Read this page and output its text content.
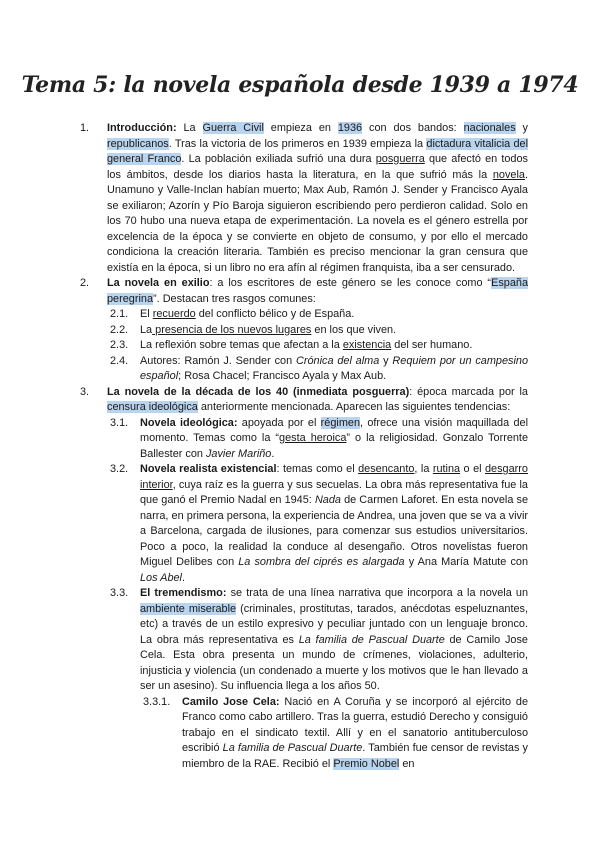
Tema 5: la novela española desde 1939 a 1974
1. Introducción: La Guerra Civil empieza en 1936 con dos bandos: nacionales y republicanos. Tras la victoria de los primeros en 1939 empieza la dictadura vitalicia del general Franco. La población exiliada sufrió una dura posguerra que afectó en todos los ámbitos, desde los diarios hasta la literatura, en la que sufrió más la novela. Unamuno y Valle-Inclan habían muerto; Max Aub, Ramón J. Sender y Francisco Ayala se exiliaron; Azorín y Pío Baroja siguieron escribiendo pero perdieron calidad. Solo en los 70 hubo una nueva etapa de experimentación. La novela es el género estrella por excelencia de la época y se convierte en objeto de consumo, y por ello el mercado condiciona la creación literaria. También es preciso mencionar la gran censura que existía en la época, si un libro no era afín al régimen franquista, iba a ser censurado.
2. La novela en exilio: a los escritores de este género se les conoce como “España peregrina”. Destacan tres rasgos comunes:
2.1. El recuerdo del conflicto bélico y de España.
2.2. La presencia de los nuevos lugares en los que viven.
2.3. La reflexión sobre temas que afectan a la existencia del ser humano.
2.4. Autores: Ramón J. Sender con Crónica del alma y Requiem por un campesino español; Rosa Chacel; Francisco Ayala y Max Aub.
3. La novela de la década de los 40 (inmediata posguerra): época marcada por la censura ideológica anteriormente mencionada. Aparecen las siguientes tendencias:
3.1. Novela ideológica: apoyada por el régimen, ofrece una visión maquillada del momento. Temas como la “gesta heroica” o la religiosidad. Gonzalo Torrente Ballester con Javier Mariño.
3.2. Novela realista existencial: temas como el desencanto, la rutina o el desgarro interior, cuya raíz es la guerra y sus secuelas. La obra más representativa fue la que ganó el Premio Nadal en 1945: Nada de Carmen Laforet. En esta novela se narra, en primera persona, la experiencia de Andrea, una joven que se va a vivir a Barcelona, cargada de ilusiones, para comenzar sus estudios universitarios. Poco a poco, la realidad la conduce al desengaño. Otros novelistas fueron Miguel Delibes con La sombra del ciprés es alargada y Ana María Matute con Los Abel.
3.3. El tremendismo: se trata de una línea narrativa que incorpora a la novela un ambiente miserable (criminales, prostitutas, tarados, anécdotas espeluznantes, etc) a través de un estilo expresivo y peculiar juntado con un lenguaje bronco. La obra más representativa es La familia de Pascual Duarte de Camilo Jose Cela. Esta obra presenta un mundo de crímenes, violaciones, adulterio, injusticia y violencia (un condenado a muerte y los motivos que le han llevado a ser un asesino). Su influencia llega a los años 50.
3.3.1. Camilo Jose Cela: Nació en A Coruña y se incorporó al ejército de Franco como cabo artillero. Tras la guerra, estudió Derecho y consiguió trabajo en el sindicato textil. Allí y en el sanatorio antituberculoso escribió La familia de Pascual Duarte. También fue censor de revistas y miembro de la RAE. Recibió el Premio Nobel en
